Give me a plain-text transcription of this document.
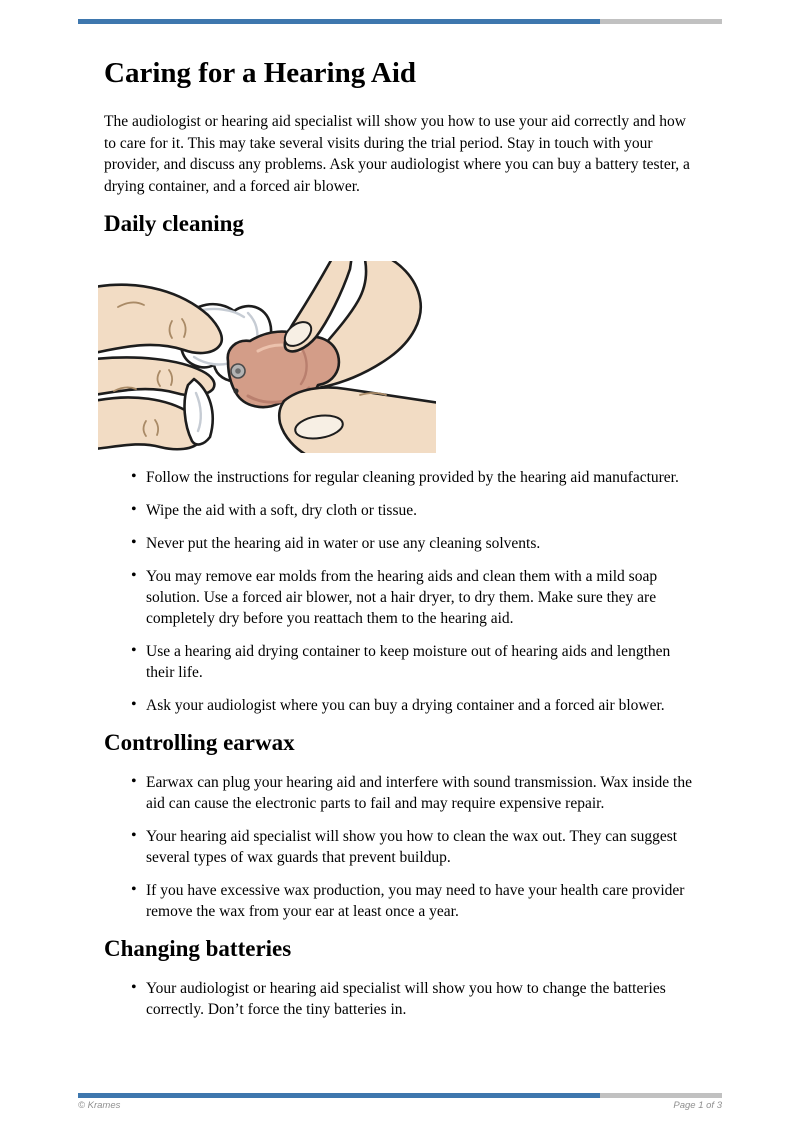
Caring for a Hearing Aid

The audiologist or hearing aid specialist will show you how to use your aid correctly and how to care for it. This may take several visits during the trial period. Stay in touch with your provider, and discuss any problems. Ask your audiologist where you can buy a battery tester, a drying container, and a forced air blower.

Daily cleaning
• Follow the instructions for regular cleaning provided by the hearing aid manufacturer.
• Wipe the aid with a soft, dry cloth or tissue.
• Never put the hearing aid in water or use any cleaning solvents.
• You may remove ear molds from the hearing aids and clean them with a mild soap solution. Use a forced air blower, not a hair dryer, to dry them. Make sure they are completely dry before you reattach them to the hearing aid.
• Use a hearing aid drying container to keep moisture out of hearing aids and lengthen their life.
• Ask your audiologist where you can buy a drying container and a forced air blower.
Controlling earwax
• Earwax can plug your hearing aid and interfere with sound transmission. Wax inside the aid can cause the electronic parts to fail and may require expensive repair.
• Your hearing aid specialist will show you how to clean the wax out. They can suggest several types of wax guards that prevent buildup.
• If you have excessive wax production, you may need to have your health care provider remove the wax from your ear at least once a year.
Changing batteries
• Your audiologist or hearing aid specialist will show you how to change the batteries correctly. Don’t force the tiny batteries in.
© Krames	Page 1 of 3
